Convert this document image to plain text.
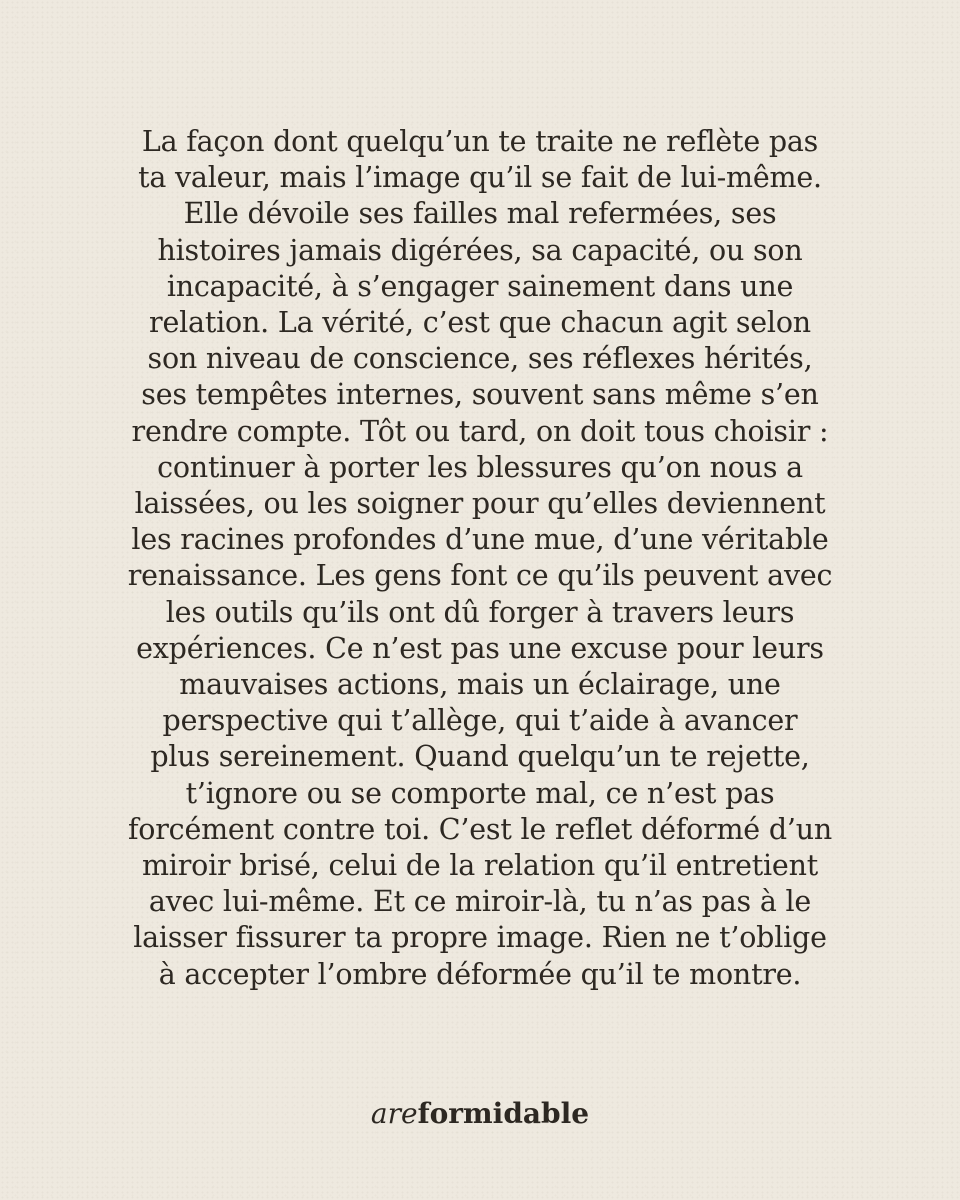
La façon dont quelqu’un te traite ne reflète pas
ta valeur, mais l’image qu’il se fait de lui-même.
Elle dévoile ses failles mal refermées, ses
histoires jamais digérées, sa capacité, ou son
incapacité, à s’engager sainement dans une
relation. La vérité, c’est que chacun agit selon
son niveau de conscience, ses réflexes hérités,
ses tempêtes internes, souvent sans même s’en
rendre compte. Tôt ou tard, on doit tous choisir :
continuer à porter les blessures qu’on nous a
laissées, ou les soigner pour qu’elles deviennent
les racines profondes d’une mue, d’une véritable
renaissance. Les gens font ce qu’ils peuvent avec
les outils qu’ils ont dû forger à travers leurs
expériences. Ce n’est pas une excuse pour leurs
mauvaises actions, mais un éclairage, une
perspective qui t’allège, qui t’aide à avancer
plus sereinement. Quand quelqu’un te rejette,
t’ignore ou se comporte mal, ce n’est pas
forcément contre toi. C’est le reflet déformé d’un
miroir brisé, celui de la relation qu’il entretient
avec lui-même. Et ce miroir-là, tu n’as pas à le
laisser fissurer ta propre image. Rien ne t’oblige
à accepter l’ombre déformée qu’il te montre.
areformidable
